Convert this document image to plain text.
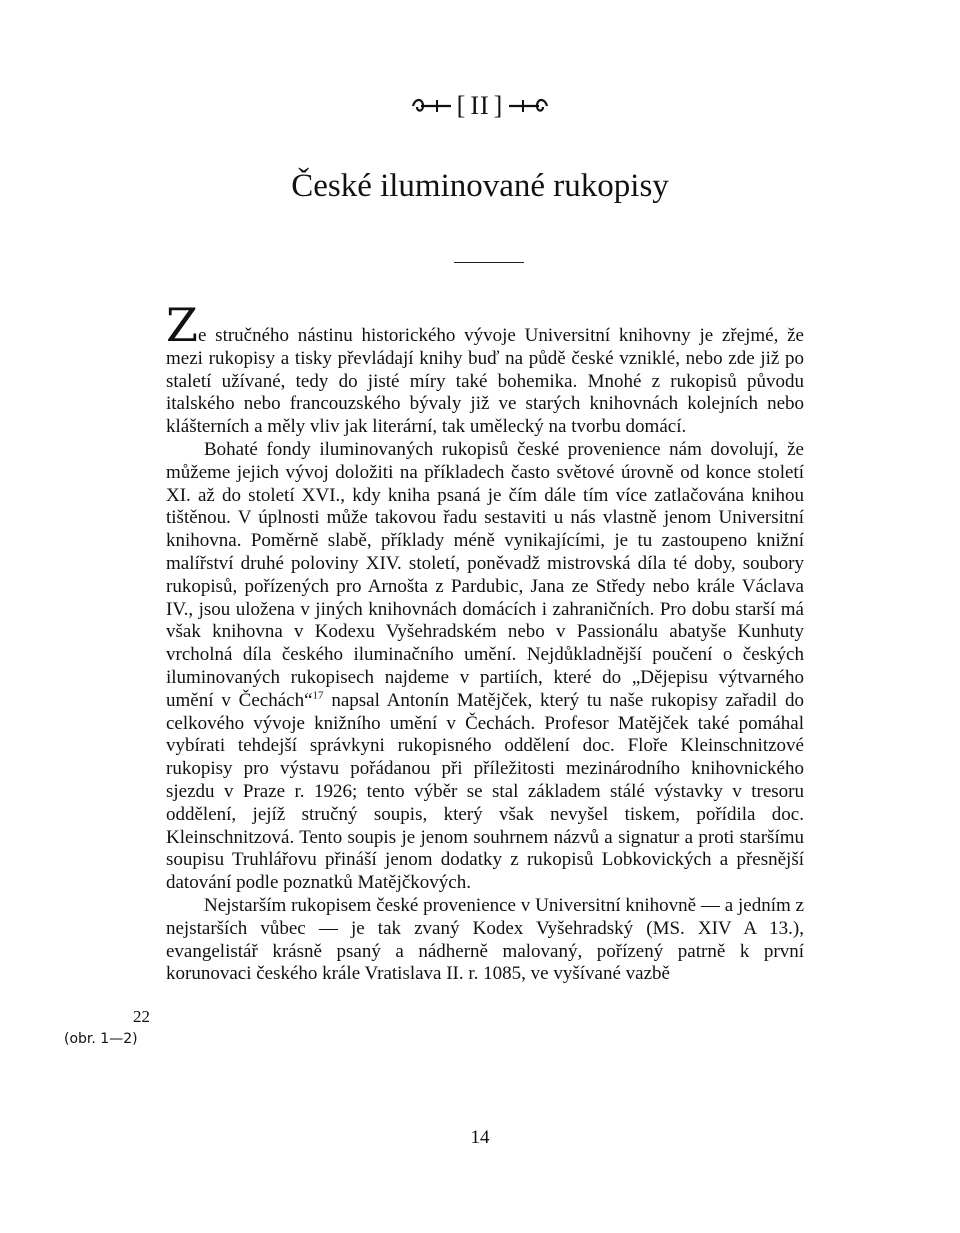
[ II ]
České iluminované rukopisy

Ze stručného nástinu historického vývoje Universitní knihovny je zřejmé, že mezi rukopisy a tisky převládají knihy buď na půdě české vzniklé, nebo zde již po staletí užívané, tedy do jisté míry také bohemika. Mnohé z rukopisů původu italského nebo francouzského bývaly již ve starých knihovnách kolejních nebo klášterních a měly vliv jak literární, tak umělecký na tvorbu domácí.

Bohaté fondy iluminovaných rukopisů české provenience nám dovolují, že můžeme jejich vývoj doložiti na příkladech často světové úrovně od konce století XI. až do století XVI., kdy kniha psaná je čím dále tím více zatlačována knihou tištěnou. V úplnosti může takovou řadu sestaviti u nás vlastně jenom Universitní knihovna. Poměrně slabě, příklady méně vynikajícími, je tu zastoupeno knižní malířství druhé poloviny XIV. století, poněvadž mistrovská díla té doby, soubory rukopisů, pořízených pro Arnošta z Pardubic, Jana ze Středy nebo krále Václava IV., jsou uložena v jiných knihovnách domácích i zahraničních. Pro dobu starší má však knihovna v Kodexu Vyšehradském nebo v Passionálu abatyše Kunhuty vrcholná díla českého iluminačního umění. Nejdůkladnější poučení o českých iluminovaných rukopisech najdeme v partiích, které do „Dějepisu výtvarného umění v Čechách“$^{17}$ napsal Antonín Matějček, který tu naše rukopisy zařadil do celkového vývoje knižního umění v Čechách. Profesor Matějček také pomáhal vybírati tehdejší správkyni rukopisného oddělení doc. Floře Kleinschnitzové rukopisy pro výstavu pořádanou při příležitosti mezinárodního knihovnického sjezdu v Praze r. 1926; tento výběr se stal základem stálé výstavky v tresoru oddělení, jejíž stručný soupis, který však nevyšel tiskem, pořídila doc. Kleinschnitzová. Tento soupis je jenom souhrnem názvů a signatur a proti staršímu soupisu Truhlářovu přináší jenom dodatky z rukopisů Lobkovických a přesnější datování podle poznatků Matějčkových.

Nejstarším rukopisem české provenience v Universitní knihovně — a jedním z nejstarších vůbec — je tak zvaný Kodex Vyšehradský (MS. XIV A 13.), evangelistář krásně psaný a nádherně malovaný, pořízený patrně k první korunovaci českého krále Vratislava II. r. 1085, ve vyšívané vazbě

22
(obr. 1—2)
14
